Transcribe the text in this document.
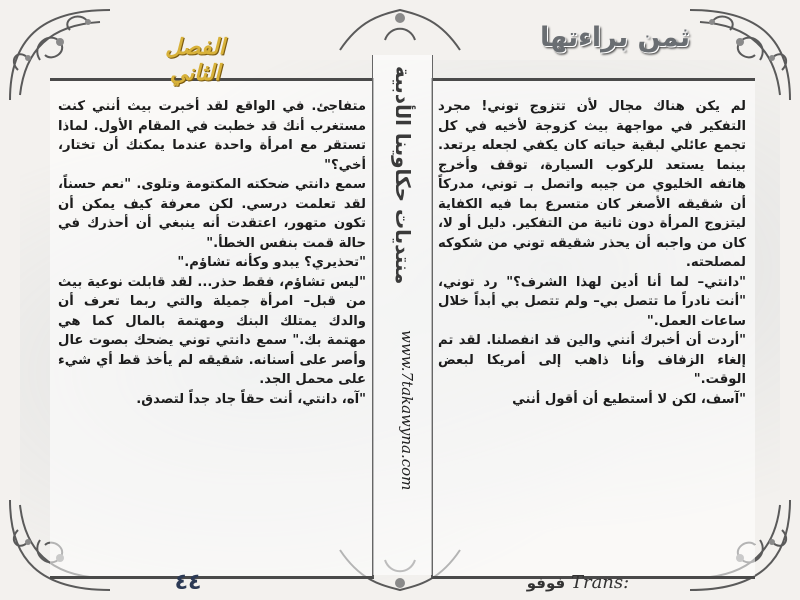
الفصل الثاني
ثمن براءتها
منتديات حكاوينا الأدبية
www.7takawyna.com

لم يكن هناك مجال لأن تتزوج توني! مجرد التفكير في مواجهة بيث كزوجة لأخيه في كل تجمع عائلي لبقية حياته كان يكفي لجعله يرتعد. بينما يستعد للركوب السيارة، توقف وأخرج هاتفه الخليوي من جيبه واتصل بـ توني، مدركاً أن شقيقه الأصغر كان متسرع بما فيه الكفاية ليتزوج المرأة دون ثانية من التفكير. دليل أو لا، كان من واجبه أن يحذر شقيقه توني من شكوكه لمصلحته.

"دانتي– لما أنا أدين لهذا الشرف؟" رد توني، "أنت نادراً ما تتصل بي– ولم تتصل بي أبداً خلال ساعات العمل."

"أردت أن أخبرك أنني والين قد انفصلنا. لقد تم إلغاء الزفاف وأنا ذاهب إلى أمريكا لبعض الوقت."

"آسف، لكن لا أستطيع أن أقول أنني

متفاجئ. في الواقع لقد أخبرت بيث أنني كنت مستغرب أنك قد خطبت في المقام الأول. لماذا تستقر مع امرأة واحدة عندما يمكنك أن تختار، أخي؟"

سمع دانتي ضحكته المكتومة وتلوى. "نعم حسناً، لقد تعلمت درسي. لكن معرفة كيف يمكن أن تكون متهور، اعتقدت أنه ينبغي أن أحذرك في حالة قمت بنفس الخطأ."

"تحذيري؟ يبدو وكأنه تشاؤم."

"ليس تشاؤم، فقط حذر... لقد قابلت نوعية بيث من قبل– امرأة جميلة والتي ربما تعرف أن والدك يمتلك البنك ومهتمة بالمال كما هي مهتمة بك." سمع دانتي توني يضحك بصوت عال وأصر على أسنانه. شقيقه لم يأخذ قط أي شيء على محمل الجد.

"آه، دانتي، أنت حقاً جاد جداً لتصدق.

٤٤	فوفو Trans:
